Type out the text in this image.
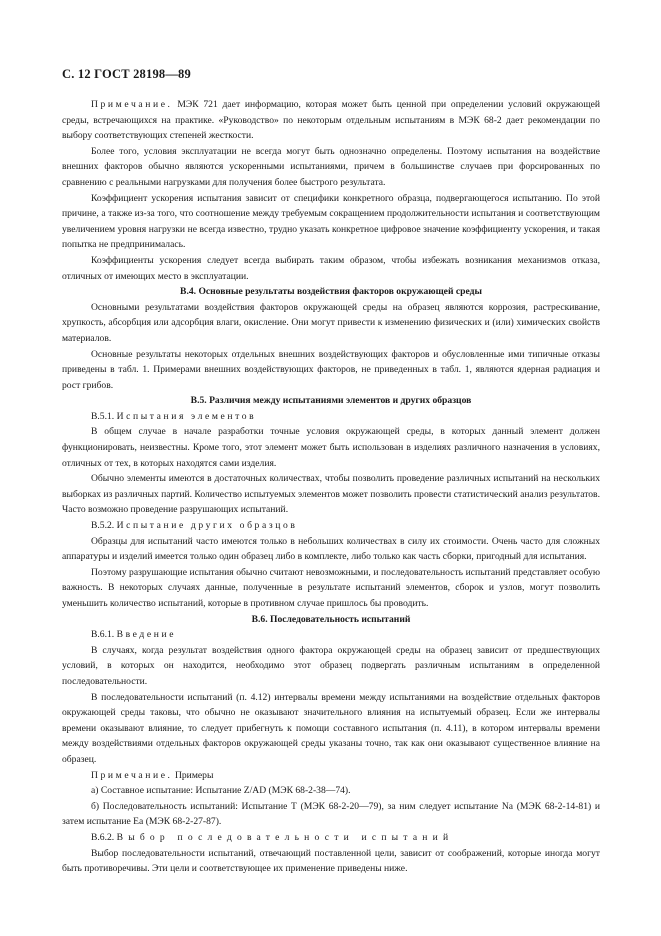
С. 12 ГОСТ 28198—89

Примечание. МЭК 721 дает информацию, которая может быть ценной при определении условий окружающей среды, встречающихся на практике. «Руководство» по некоторым отдельным испытаниям в МЭК 68-2 дает рекомендации по выбору соответствующих степеней жесткости.

Более того, условия эксплуатации не всегда могут быть однозначно определены. Поэтому испытания на воздействие внешних факторов обычно являются ускоренными испытаниями, причем в большинстве случаев при форсированных по сравнению с реальными нагрузками для получения более быстрого результата.

Коэффициент ускорения испытания зависит от специфики конкретного образца, подвергающегося испытанию. По этой причине, а также из-за того, что соотношение между требуемым сокращением продолжительности испытания и соответствующим увеличением уровня нагрузки не всегда известно, трудно указать конкретное цифровое значение коэффициенту ускорения, и такая попытка не предпринималась.

Коэффициенты ускорения следует всегда выбирать таким образом, чтобы избежать возникания механизмов отказа, отличных от имеющих место в эксплуатации.

В.4. Основные результаты воздействия факторов окружающей среды

Основными результатами воздействия факторов окружающей среды на образец являются коррозия, растрескивание, хрупкость, абсорбция или адсорбция влаги, окисление. Они могут привести к изменению физических и (или) химических свойств материалов.

Основные результаты некоторых отдельных внешних воздействующих факторов и обусловленные ими типичные отказы приведены в табл. 1. Примерами внешних воздействующих факторов, не приведенных в табл. 1, являются ядерная радиация и рост грибов.

В.5. Различия между испытаниями элементов и других образцов

В.5.1. Испытания элементов

В общем случае в начале разработки точные условия окружающей среды, в которых данный элемент должен функционировать, неизвестны. Кроме того, этот элемент может быть использован в изделиях различного назначения в условиях, отличных от тех, в которых находятся сами изделия.

Обычно элементы имеются в достаточных количествах, чтобы позволить проведение различных испытаний на нескольких выборках из различных партий. Количество испытуемых элементов может позволить провести статистический анализ результатов. Часто возможно проведение разрушающих испытаний.

В.5.2. Испытание других образцов

Образцы для испытаний часто имеются только в небольших количествах в силу их стоимости. Очень часто для сложных аппаратуры и изделий имеется только один образец либо в комплекте, либо только как часть сборки, пригодный для испытания.

Поэтому разрушающие испытания обычно считают невозможными, и последовательность испытаний представляет особую важность. В некоторых случаях данные, полученные в результате испытаний элементов, сборок и узлов, могут позволить уменьшить количество испытаний, которые в противном случае пришлось бы проводить.

В.6. Последовательность испытаний

В.6.1. Введение

В случаях, когда результат воздействия одного фактора окружающей среды на образец зависит от предшествующих условий, в которых он находится, необходимо этот образец подвергать различным испытаниям в определенной последовательности.

В последовательности испытаний (п. 4.12) интервалы времени между испытаниями на воздействие отдельных факторов окружающей среды таковы, что обычно не оказывают значительного влияния на испытуемый образец. Если же интервалы времени оказывают влияние, то следует прибегнуть к помощи составного испытания (п. 4.11), в котором интервалы времени между воздействиями отдельных факторов окружающей среды указаны точно, так как они оказывают существенное влияние на образец.

Примечание. Примеры

а) Составное испытание: Испытание Z/AD (МЭК 68-2-38—74).

б) Последовательность испытаний: Испытание Т (МЭК 68-2-20—79), за ним следует испытание Na (МЭК 68-2-14-81) и затем испытание Ea (МЭК 68-2-27-87).

В.6.2. Выбор последовательности испытаний

Выбор последовательности испытаний, отвечающий поставленной цели, зависит от соображений, которые иногда могут быть противоречивы. Эти цели и соответствующее их применение приведены ниже.
